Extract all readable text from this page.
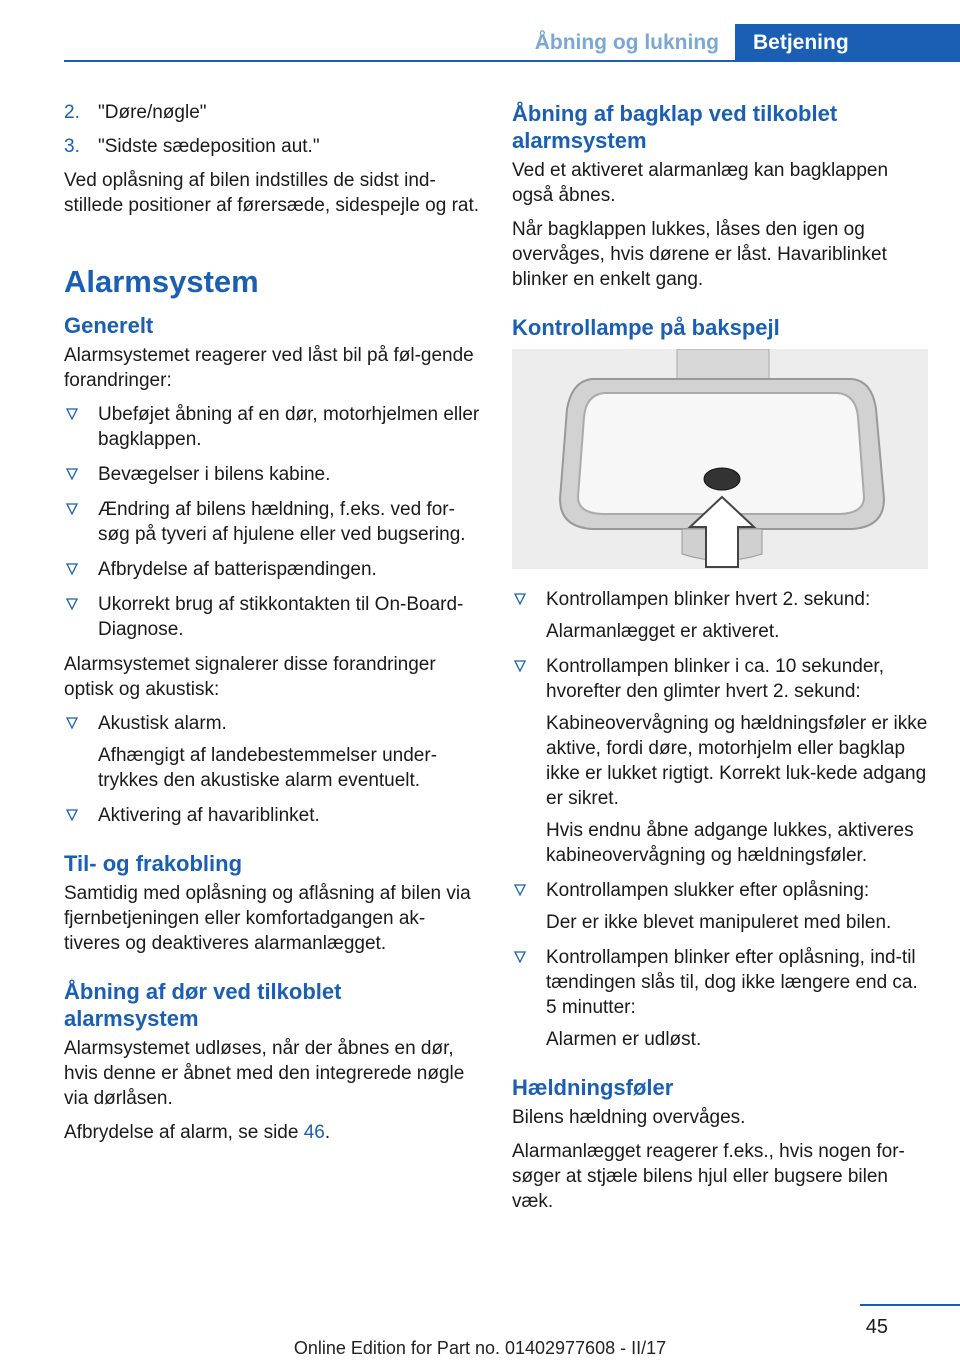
Åbning og lukning	Betjening
2. "Døre/nøgle"
3. "Sidste sædeposition aut."

Ved oplåsning af bilen indstilles de sidst ind-stillede positioner af førersæde, sidespejle og rat.

Alarmsystem
Generelt

Alarmsystemet reagerer ved låst bil på føl-gende forandringer:

Ubeføjet åbning af en dør, motorhjelmen eller bagklappen.
Bevægelser i bilens kabine.
Ændring af bilens hældning, f.eks. ved for-søg på tyveri af hjulene eller ved bugsering.
Afbrydelse af batterispændingen.
Ukorrekt brug af stikkontakten til On-Board-Diagnose.

Alarmsystemet signalerer disse forandringer optisk og akustisk:

Akustisk alarm.
Afhængigt af landebestemmelser under-trykkes den akustiske alarm eventuelt.
Aktivering af havariblinket.
Til- og frakobling

Samtidig med oplåsning og aflåsning af bilen via fjernbetjeningen eller komfortadgangen ak-tiveres og deaktiveres alarmanlægget.

Åbning af dør ved tilkoblet alarmsystem

Alarmsystemet udløses, når der åbnes en dør, hvis denne er åbnet med den integrerede nøgle via dørlåsen.

Afbrydelse af alarm, se side 46.

Åbning af bagklap ved tilkoblet alarmsystem

Ved et aktiveret alarmanlæg kan bagklappen også åbnes.

Når bagklappen lukkes, låses den igen og overvåges, hvis dørene er låst. Havariblinket blinker en enkelt gang.

Kontrollampe på bakspejl
Kontrollampen blinker hvert 2. sekund:
Alarmanlægget er aktiveret.
Kontrollampen blinker i ca. 10 sekunder, hvorefter den glimter hvert 2. sekund:
Kabineovervågning og hældningsføler er ikke aktive, fordi døre, motorhjelm eller bagklap ikke er lukket rigtigt. Korrekt luk-kede adgang er sikret.
Hvis endnu åbne adgange lukkes, aktiveres kabineovervågning og hældningsføler.
Kontrollampen slukker efter oplåsning:
Der er ikke blevet manipuleret med bilen.
Kontrollampen blinker efter oplåsning, ind-til tændingen slås til, dog ikke længere end ca. 5 minutter:
Alarmen er udløst.
Hældningsføler

Bilens hældning overvåges.

Alarmanlægget reagerer f.eks., hvis nogen for-søger at stjæle bilens hjul eller bugsere bilen væk.

45
Online Edition for Part no. 01402977608 - II/17
